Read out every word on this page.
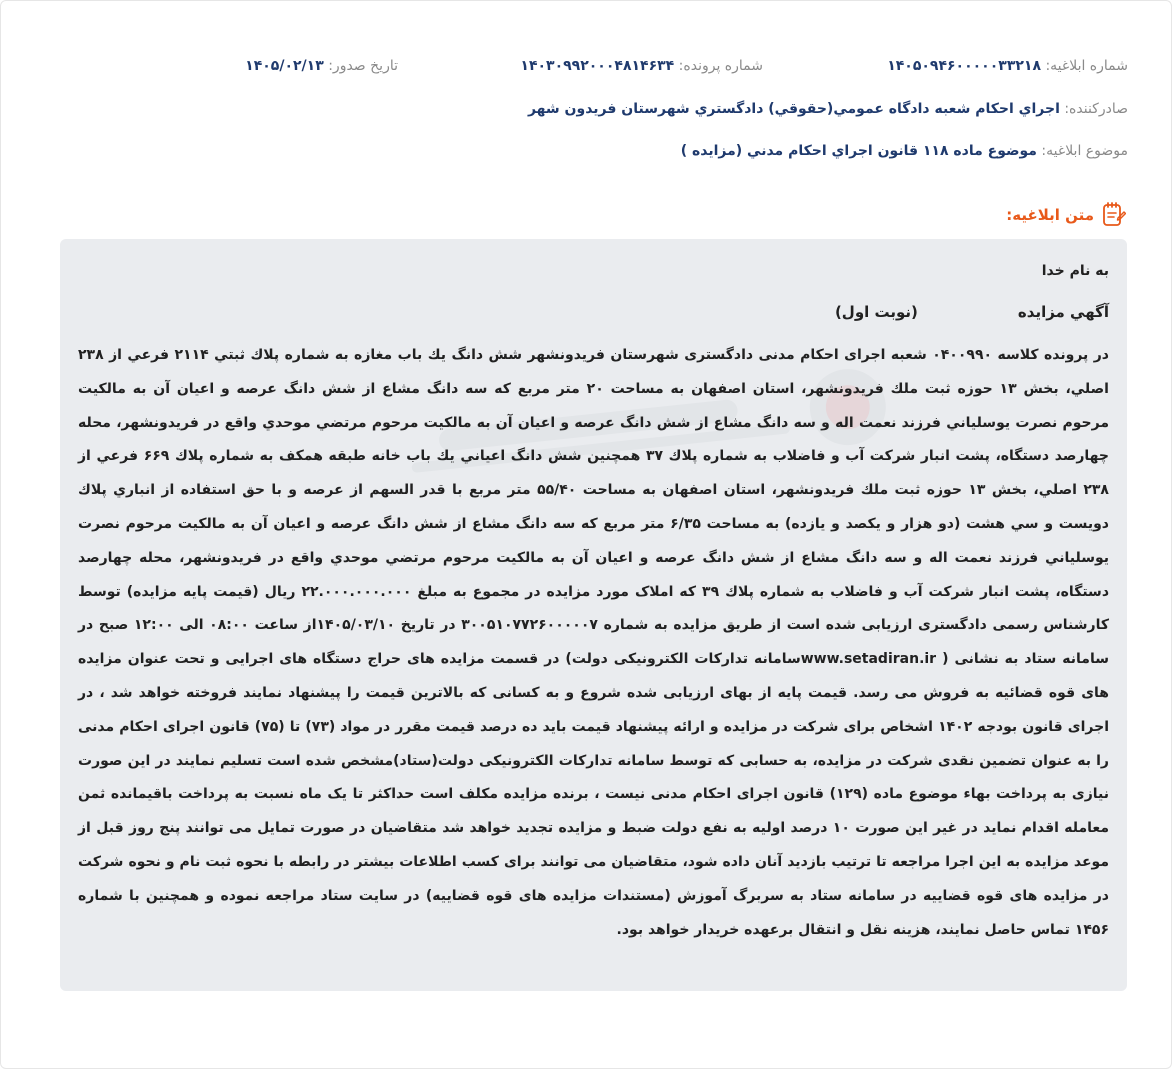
شماره ابلاغيه: ۱۴۰۵۰۹۴۶۰۰۰۰۰۳۳۲۱۸
شماره پرونده: ۱۴۰۳۰۹۹۲۰۰۰۴۸۱۴۶۳۴
تاريخ صدور: ۱۴۰۵/۰۲/۱۳
صادرکننده: اجراي احکام شعبه دادگاه عمومي(حقوقي) دادگستري شهرستان فريدون شهر
موضوع ابلاغيه: موضوع ماده ۱۱۸ قانون اجراي احكام مدني (مزايده )
متن ابلاغيه:

به نام خدا

آگهي مزايده(نوبت اول)

در پرونده كلاسه ۰۴۰۰۹۹۰ شعبه اجرای احکام مدنی دادگستری شهرستان فریدونشهر شش دانگ يك باب مغازه به شماره پلاك ثبتي ۲۱۱۴ فرعي از ۲۳۸ اصلي، بخش ۱۳ حوزه ثبت ملك فريدونشهر، استان اصفهان به مساحت ۲۰ متر مربع كه سه دانگ مشاع از شش دانگ عرصه و اعيان آن به مالكيت مرحوم نصرت يوسلياني فرزند نعمت اله و سه دانگ مشاع از شش دانگ عرصه و اعيان آن به مالكيت مرحوم مرتضي موحدي واقع در فريدونشهر، محله چهارصد دستگاه، پشت انبار شركت آب و فاضلاب به شماره پلاك ۳۷ همچنين شش دانگ اعياني يك باب خانه طبقه همكف به شماره پلاك ۶۶۹ فرعي از ۲۳۸ اصلي، بخش ۱۳ حوزه ثبت ملك فريدونشهر، استان اصفهان به مساحت ۵۵/۴۰ متر مربع با قدر السهم از عرصه و با حق استفاده از انباري پلاك دويست و سي هشت (دو هزار و يكصد و يازده) به مساحت ۶/۳۵ متر مربع كه سه دانگ مشاع از شش دانگ عرصه و اعيان آن به مالكيت مرحوم نصرت يوسلياني فرزند نعمت اله و سه دانگ مشاع از شش دانگ عرصه و اعيان آن به مالكيت مرحوم مرتضي موحدي واقع در فريدونشهر، محله چهارصد دستگاه، پشت انبار شركت آب و فاضلاب به شماره پلاك ۳۹ كه املاک مورد مزایده در مجموع به مبلغ ۲۲.۰۰۰.۰۰۰.۰۰۰ ریال (قیمت پایه مزایده) توسط کارشناس رسمی دادگستری ارزیابی شده است از طریق مزایده به شماره ۳۰۰۵۱۰۷۷۲۶۰۰۰۰۰۷ در تاریخ ۱۴۰۵/۰۳/۱۰از ساعت ۰۸:۰۰ الی ۱۲:۰۰ صبح در سامانه ستاد به نشانی ( www.setadiran.irسامانه تدارکات الکترونیکی دولت) در قسمت مزایده های حراج دستگاه های اجرایی و تحت عنوان مزایده های قوه قضائیه به فروش می رسد. قیمت پایه از بهای ارزیابی شده شروع و به کسانی که بالاترین قیمت را پیشنهاد نمایند فروخته خواهد شد ، در اجرای قانون بودجه ۱۴۰۲ اشخاص برای شرکت در مزایده و ارائه پیشنهاد قیمت باید ده درصد قیمت مقرر در مواد (۷۳) تا (۷۵) قانون اجرای احکام مدنی را به عنوان تضمین نقدی شرکت در مزایده، به حسابی که توسط سامانه تدارکات الکترونیکی دولت(ستاد)مشخص شده است تسلیم نمایند در این صورت نیازی به پرداخت بهاء موضوع ماده (۱۲۹) قانون اجرای احکام مدنی نیست ، برنده مزایده مکلف است حداکثر تا یک ماه نسبت به پرداخت باقیمانده ثمن معامله اقدام نماید در غیر این صورت ۱۰ درصد اولیه به نفع دولت ضبط و مزایده تجدید خواهد شد متقاضیان در صورت تمایل می توانند پنج روز قبل از موعد مزایده به این اجرا مراجعه تا ترتیب بازدید آنان داده شود، متقاضیان می توانند برای کسب اطلاعات بیشتر در رابطه با نحوه ثبت نام و نحوه شرکت در مزایده های قوه قضاییه در سامانه ستاد به سربرگ آموزش (مستندات مزایده های قوه قضاییه) در سایت ستاد مراجعه نموده و همچنین با شماره ۱۴۵۶ تماس حاصل نمایند، هزینه نقل و انتقال برعهده خریدار خواهد بود.
